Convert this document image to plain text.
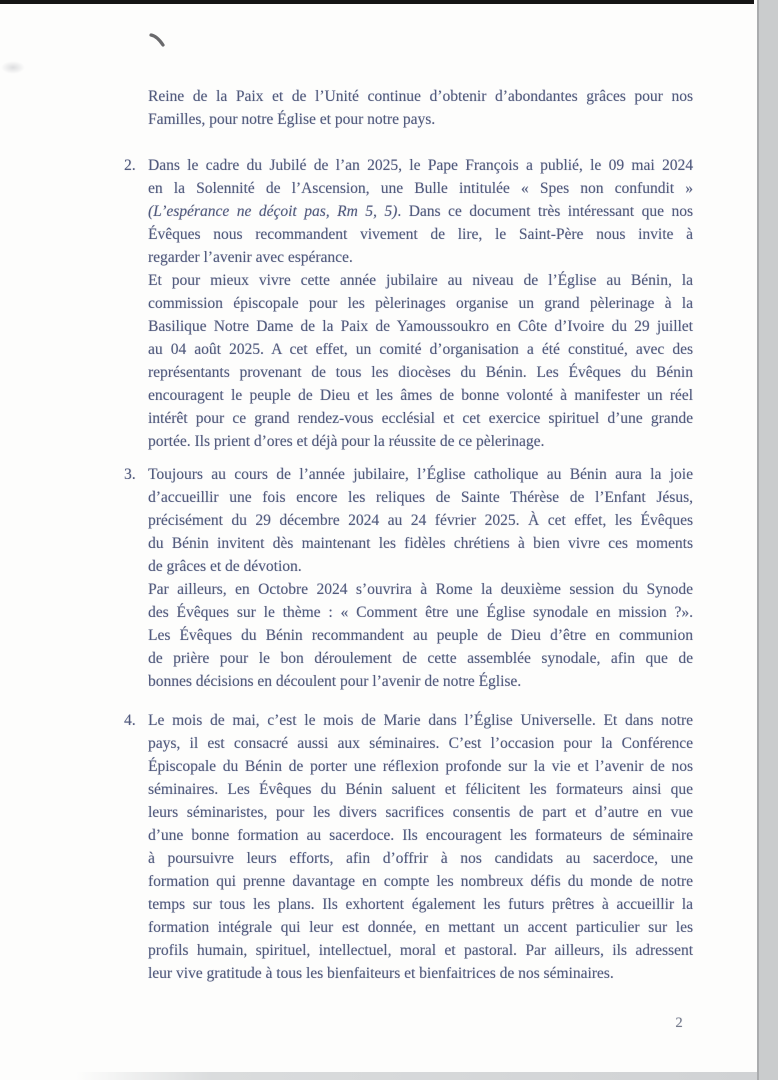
Reine de la Paix et de l’Unité continue d’obtenir d’abondantes grâces pour nos
Familles, pour notre Église et pour notre pays.
2. Dans le cadre du Jubilé de l’an 2025, le Pape François a publié, le 09 mai 2024
en la Solennité de l’Ascension, une Bulle intitulée « Spes non confundit »
(L’espérance ne déçoit pas, Rm 5, 5). Dans ce document très intéressant que nos
Évêques nous recommandent vivement de lire, le Saint-Père nous invite à
regarder l’avenir avec espérance.
Et pour mieux vivre cette année jubilaire au niveau de l’Église au Bénin, la
commission épiscopale pour les pèlerinages organise un grand pèlerinage à la
Basilique Notre Dame de la Paix de Yamoussoukro en Côte d’Ivoire du 29 juillet
au 04 août 2025. A cet effet, un comité d’organisation a été constitué, avec des
représentants provenant de tous les diocèses du Bénin. Les Évêques du Bénin
encouragent le peuple de Dieu et les âmes de bonne volonté à manifester un réel
intérêt pour ce grand rendez-vous ecclésial et cet exercice spirituel d’une grande
portée. Ils prient d’ores et déjà pour la réussite de ce pèlerinage.
3. Toujours au cours de l’année jubilaire, l’Église catholique au Bénin aura la joie
d’accueillir une fois encore les reliques de Sainte Thérèse de l’Enfant Jésus,
précisément du 29 décembre 2024 au 24 février 2025. À cet effet, les Évêques
du Bénin invitent dès maintenant les fidèles chrétiens à bien vivre ces moments
de grâces et de dévotion.
Par ailleurs, en Octobre 2024 s’ouvrira à Rome la deuxième session du Synode
des Évêques sur le thème : « Comment être une Église synodale en mission ?».
Les Évêques du Bénin recommandent au peuple de Dieu d’être en communion
de prière pour le bon déroulement de cette assemblée synodale, afin que de
bonnes décisions en découlent pour l’avenir de notre Église.
4. Le mois de mai, c’est le mois de Marie dans l’Église Universelle. Et dans notre
pays, il est consacré aussi aux séminaires. C’est l’occasion pour la Conférence
Épiscopale du Bénin de porter une réflexion profonde sur la vie et l’avenir de nos
séminaires. Les Évêques du Bénin saluent et félicitent les formateurs ainsi que
leurs séminaristes, pour les divers sacrifices consentis de part et d’autre en vue
d’une bonne formation au sacerdoce. Ils encouragent les formateurs de séminaire
à poursuivre leurs efforts, afin d’offrir à nos candidats au sacerdoce, une
formation qui prenne davantage en compte les nombreux défis du monde de notre
temps sur tous les plans. Ils exhortent également les futurs prêtres à accueillir la
formation intégrale qui leur est donnée, en mettant un accent particulier sur les
profils humain, spirituel, intellectuel, moral et pastoral. Par ailleurs, ils adressent
leur vive gratitude à tous les bienfaiteurs et bienfaitrices de nos séminaires.
2
